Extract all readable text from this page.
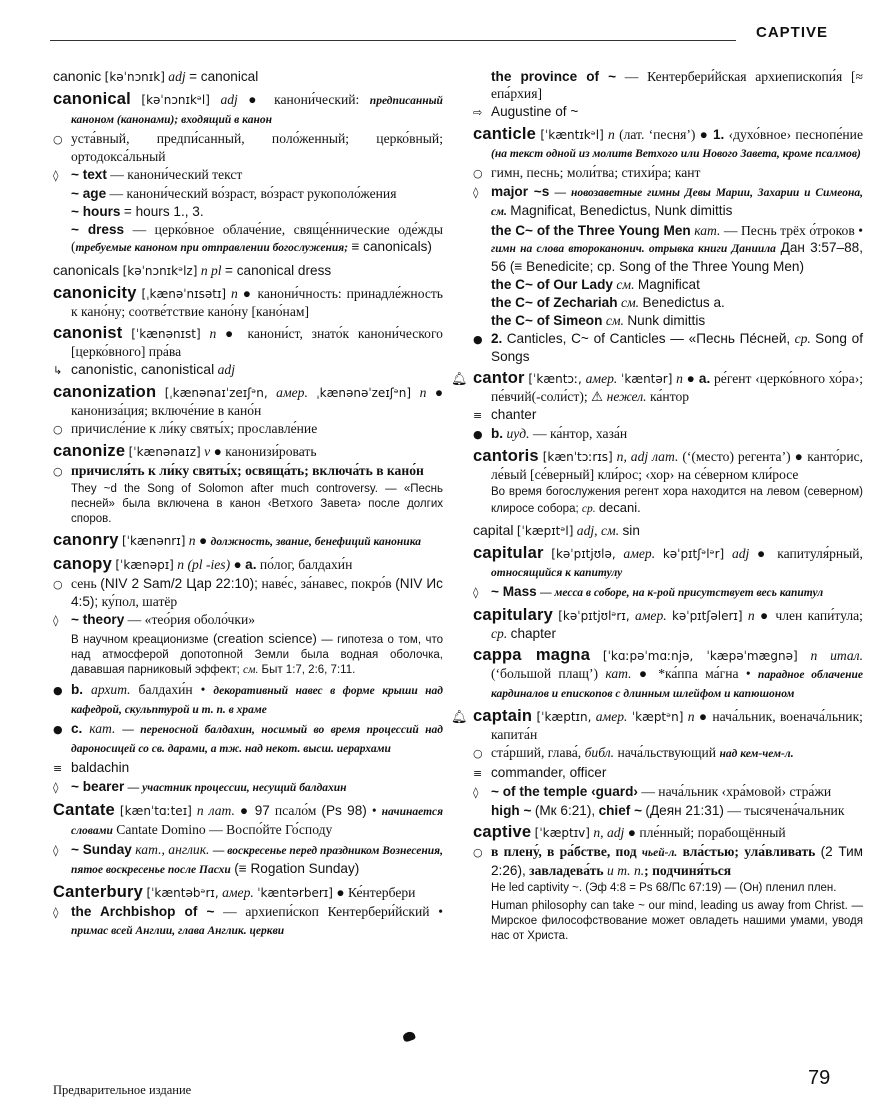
CAPTIVE
canonic [kəˈnɔnɪk] adj = canonical
canonical [kəˈnɔnɪkᵊl] adj ● канони́ческий: предписанный каноном (канонами); входящий в канон
○ уста́вный, предпи́санный, поло́женный; церко́вный; ортодокса́льный
◊ ~ text — канони́ческий текст
~ age — канони́ческий во́зраст, во́зраст рукополо́жения
~ hours = hours 1., 3.
~ dress — церко́вное облаче́ние, свяще́ннические оде́жды (требуемые каноном при отправлении богослужения; ≡ canonicals)
canonicals [kəˈnɔnɪkᵊlz] n pl = canonical dress
canonicity [ˌkænəˈnɪsətɪ] n ● канони́чность: принадле́жность к кано́ну; соотве́тствие кано́ну [кано́нам]
canonist [ˈkænənɪst] n ● канони́ст, знато́к канони́ческого [церко́вного] пра́ва
↳ canonistic, canonistical adj
canonization [ˌkænənaɪˈzeɪʃᵊn, амер. ˌkænənəˈzeɪʃᵊn] n ● канониза́ция; включе́ние в кано́н
○ причисле́ние к ли́ку святы́х; прославле́ние
canonize [ˈkænənaɪz] v ● канонизи́ровать
○ причисля́ть к ли́ку святы́х; освяща́ть; включа́ть в кано́н
They ~d the Song of Solomon after much controversy. — «Песнь песней» была включена в канон ‹Ветхого Завета› после долгих споров.
canonry [ˈkænənrɪ] n ● должность, звание, бенефиций каноника
canopy [ˈkænəpɪ] n (pl -ies) ● a. по́лог, балдахи́н
○ сень (NIV 2 Sam/2 Цар 22:10); наве́с, за́навес, покро́в (NIV Ис 4:5); ку́пол, шатёр
◊ ~ theory — «тео́рия оболо́чки»
В научном креационизме (creation science) — гипотеза о том, что над атмосферой допотопной Земли была водная оболочка, дававшая парниковый эффект; см. Быт 1:7, 2:6, 7:11.
● b. архит. балдахи́н • декоративный навес в форме крыши над кафедрой, скульптурой и т. п. в храме
● c. кат. — переносной балдахин, носимый во время процессий над дароносицей со св. дарами, а тж. над некот. высш. иерархами
≡ baldachin
◊ ~ bearer — участник процессии, несущий балдахин
Cantate [kænˈtɑːteɪ] n лат. ● 97 псало́м (Ps 98) • начинается словами Cantate Domino — Воспо́йте Го́споду
◊ ~ Sunday кат., англик. — воскресенье перед праздником Вознесения, пятое воскресенье после Пасхи (≡ Rogation Sunday)
Canterbury [ˈkæntəbᵊrɪ, амер. ˈkæntərberɪ] ● Ке́нтербери
◊ the Archbishop of ~ — архиепи́скоп Кентербери́йский • примас всей Англии, глава Англик. церкви
the province of ~ — Кентербери́йская архиепископи́я [≈ епа́рхия]
⇨ Augustine of ~
canticle [ˈkæntɪkᵊl] n (лат. ‘песня’) ● 1. ‹духо́вное› песнопе́ние (на текст одной из молитв Ветхого или Нового Завета, кроме псалмов)
○ гимн, песнь; моли́тва; стихи́ра; кант
◊ major ~s — новозаветные гимны Девы Марии, Захарии и Симеона, см. Magnificat, Benedictus, Nunk dimittis
the C~ of the Three Young Men кат. — Песнь трёх о́троков • гимн на слова второканонич. отрывка книги Даниила Дан 3:57–88, 56 (≡ Benedicite; ср. Song of the Three Young Men)
the C~ of Our Lady см. Magnificat
the C~ of Zechariah см. Benedictus a.
the C~ of Simeon см. Nunk dimittis
● 2. Canticles, C~ of Canticles — «Песнь Пе́сней, ср. Song of Songs
🔔︎ cantor [ˈkæntɔː, амер. ˈkæntər] n ● a. ре́гент ‹церко́вного хо́ра›; пе́вчий(-соли́ст); ⚠ нежел. ка́нтор
≡ chanter
● b. иуд. — ка́нтор, хаза́н
cantoris [kænˈtɔːrɪs] n, adj лат. (‘(место) регента’) ● канто́рис, ле́вый [се́верный] кли́рос; ‹хор› на се́верном кли́росе
Во время богослужения регент хора находится на левом (северном) клиросе собора; ср. decani.
capital [ˈkæpɪtᵊl] adj, см. sin
capitular [kəˈpɪtjʊlə, амер. kəˈpɪtʃᵊlᵊr] adj ● капитуля́рный, относящийся к капитулу
◊ ~ Mass — месса в соборе, на к-рой присутствует весь капитул
capitulary [kəˈpɪtjʊlᵊrɪ, амер. kəˈpɪtʃəlerɪ] n ● член капи́тула; ср. chapter
cappa magna [ˈkɑːpəˈmɑːnjə, ˈkæpəˈmægnə] n итал. (‘большой плащ’) кат. ● *ка́ппа ма́гна • парадное облачение кардиналов и епископов с длинным шлейфом и капюшоном
🔔︎ captain [ˈkæptɪn, амер. ˈkæptᵊn] n ● нача́льник, военача́льник; капита́н
○ ста́рший, глава́, библ. нача́льствующий над кем-чем-л.
≡ commander, officer
◊ ~ of the temple ‹guard› — нача́льник ‹хра́мовой› стра́жи
high ~ (Мк 6:21), chief ~ (Деян 21:31) — тысячена́чальник
captive [ˈkæptɪv] n, adj ● пле́нный; порабощённый
○ в плену́, в ра́бстве, под чьей-л. вла́стью; ула́вливать (2 Тим 2:26), завладева́ть и т. п.; подчиня́ться
He led captivity ~. (Эф 4:8 = Ps 68/Пс 67:19) — (Он) пленил плен.
Human philosophy can take ~ our mind, leading us away from Christ. — Мирское философствование может овладеть нашими умами, уводя нас от Христа.
Предварительное издание
79
